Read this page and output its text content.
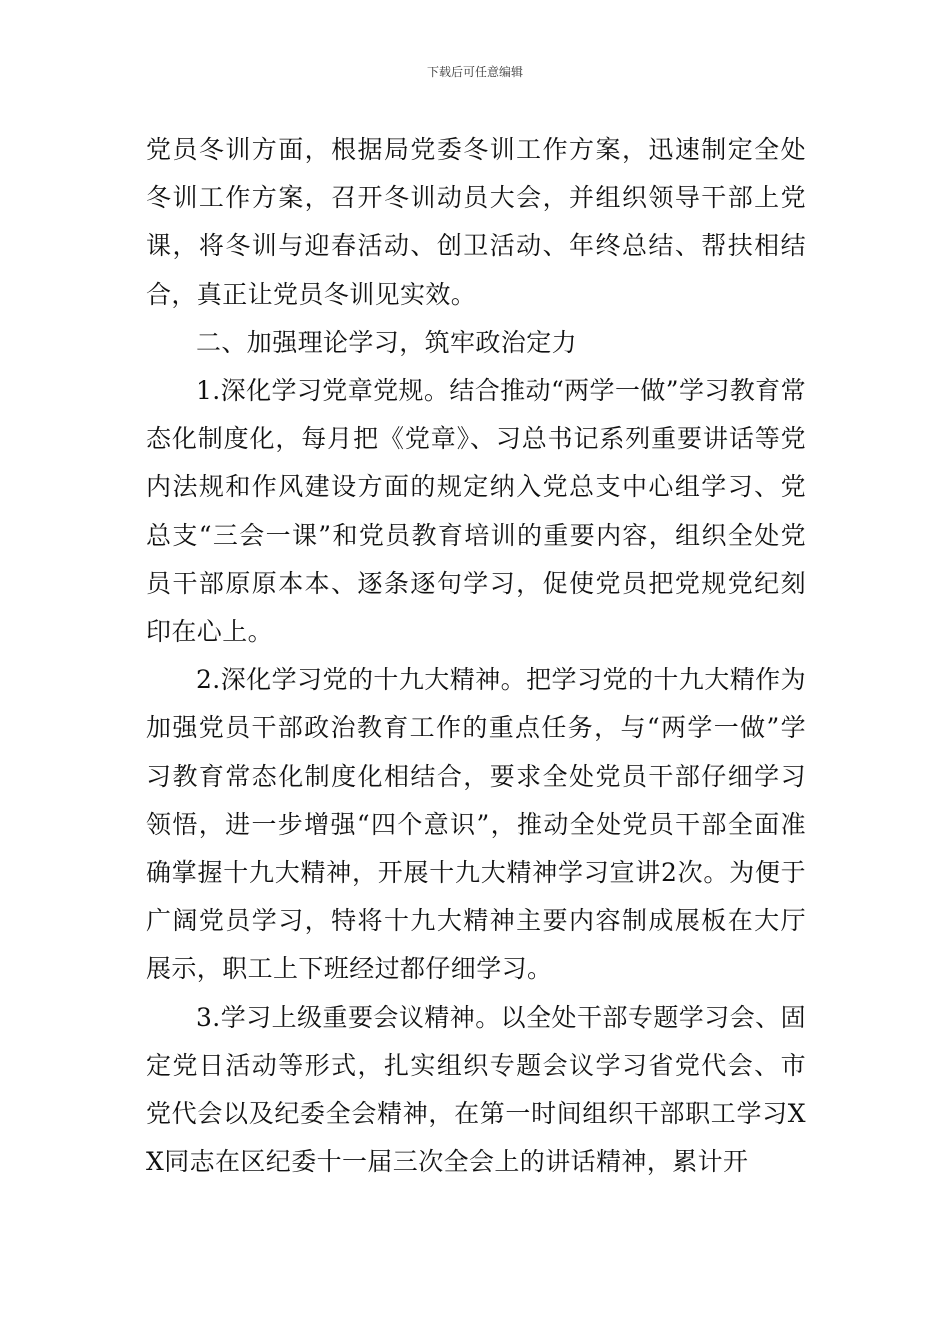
下载后可任意编辑

党员冬训方面，根据局党委冬训工作方案，迅速制定全处冬训工作方案，召开冬训动员大会，并组织领导干部上党课，将冬训与迎春活动、创卫活动、年终总结、帮扶相结合，真正让党员冬训见实效。

二、加强理论学习，筑牢政治定力

1.深化学习党章党规。结合推动“两学一做”学习教育常态化制度化，每月把《党章》、习总书记系列重要讲话等党内法规和作风建设方面的规定纳入党总支中心组学习、党总支“三会一课”和党员教育培训的重要内容，组织全处党员干部原原本本、逐条逐句学习，促使党员把党规党纪刻印在心上。

2.深化学习党的十九大精神。把学习党的十九大精作为加强党员干部政治教育工作的重点任务，与“两学一做”学习教育常态化制度化相结合，要求全处党员干部仔细学习领悟，进一步增强“四个意识”，推动全处党员干部全面准确掌握十九大精神，开展十九大精神学习宣讲2次。为便于广阔党员学习，特将十九大精神主要内容制成展板在大厅展示，职工上下班经过都仔细学习。

3.学习上级重要会议精神。以全处干部专题学习会、固定党日活动等形式，扎实组织专题会议学习省党代会、市党代会以及纪委全会精神，在第一时间组织干部职工学习XX同志在区纪委十一届三次全会上的讲话精神，累计开
